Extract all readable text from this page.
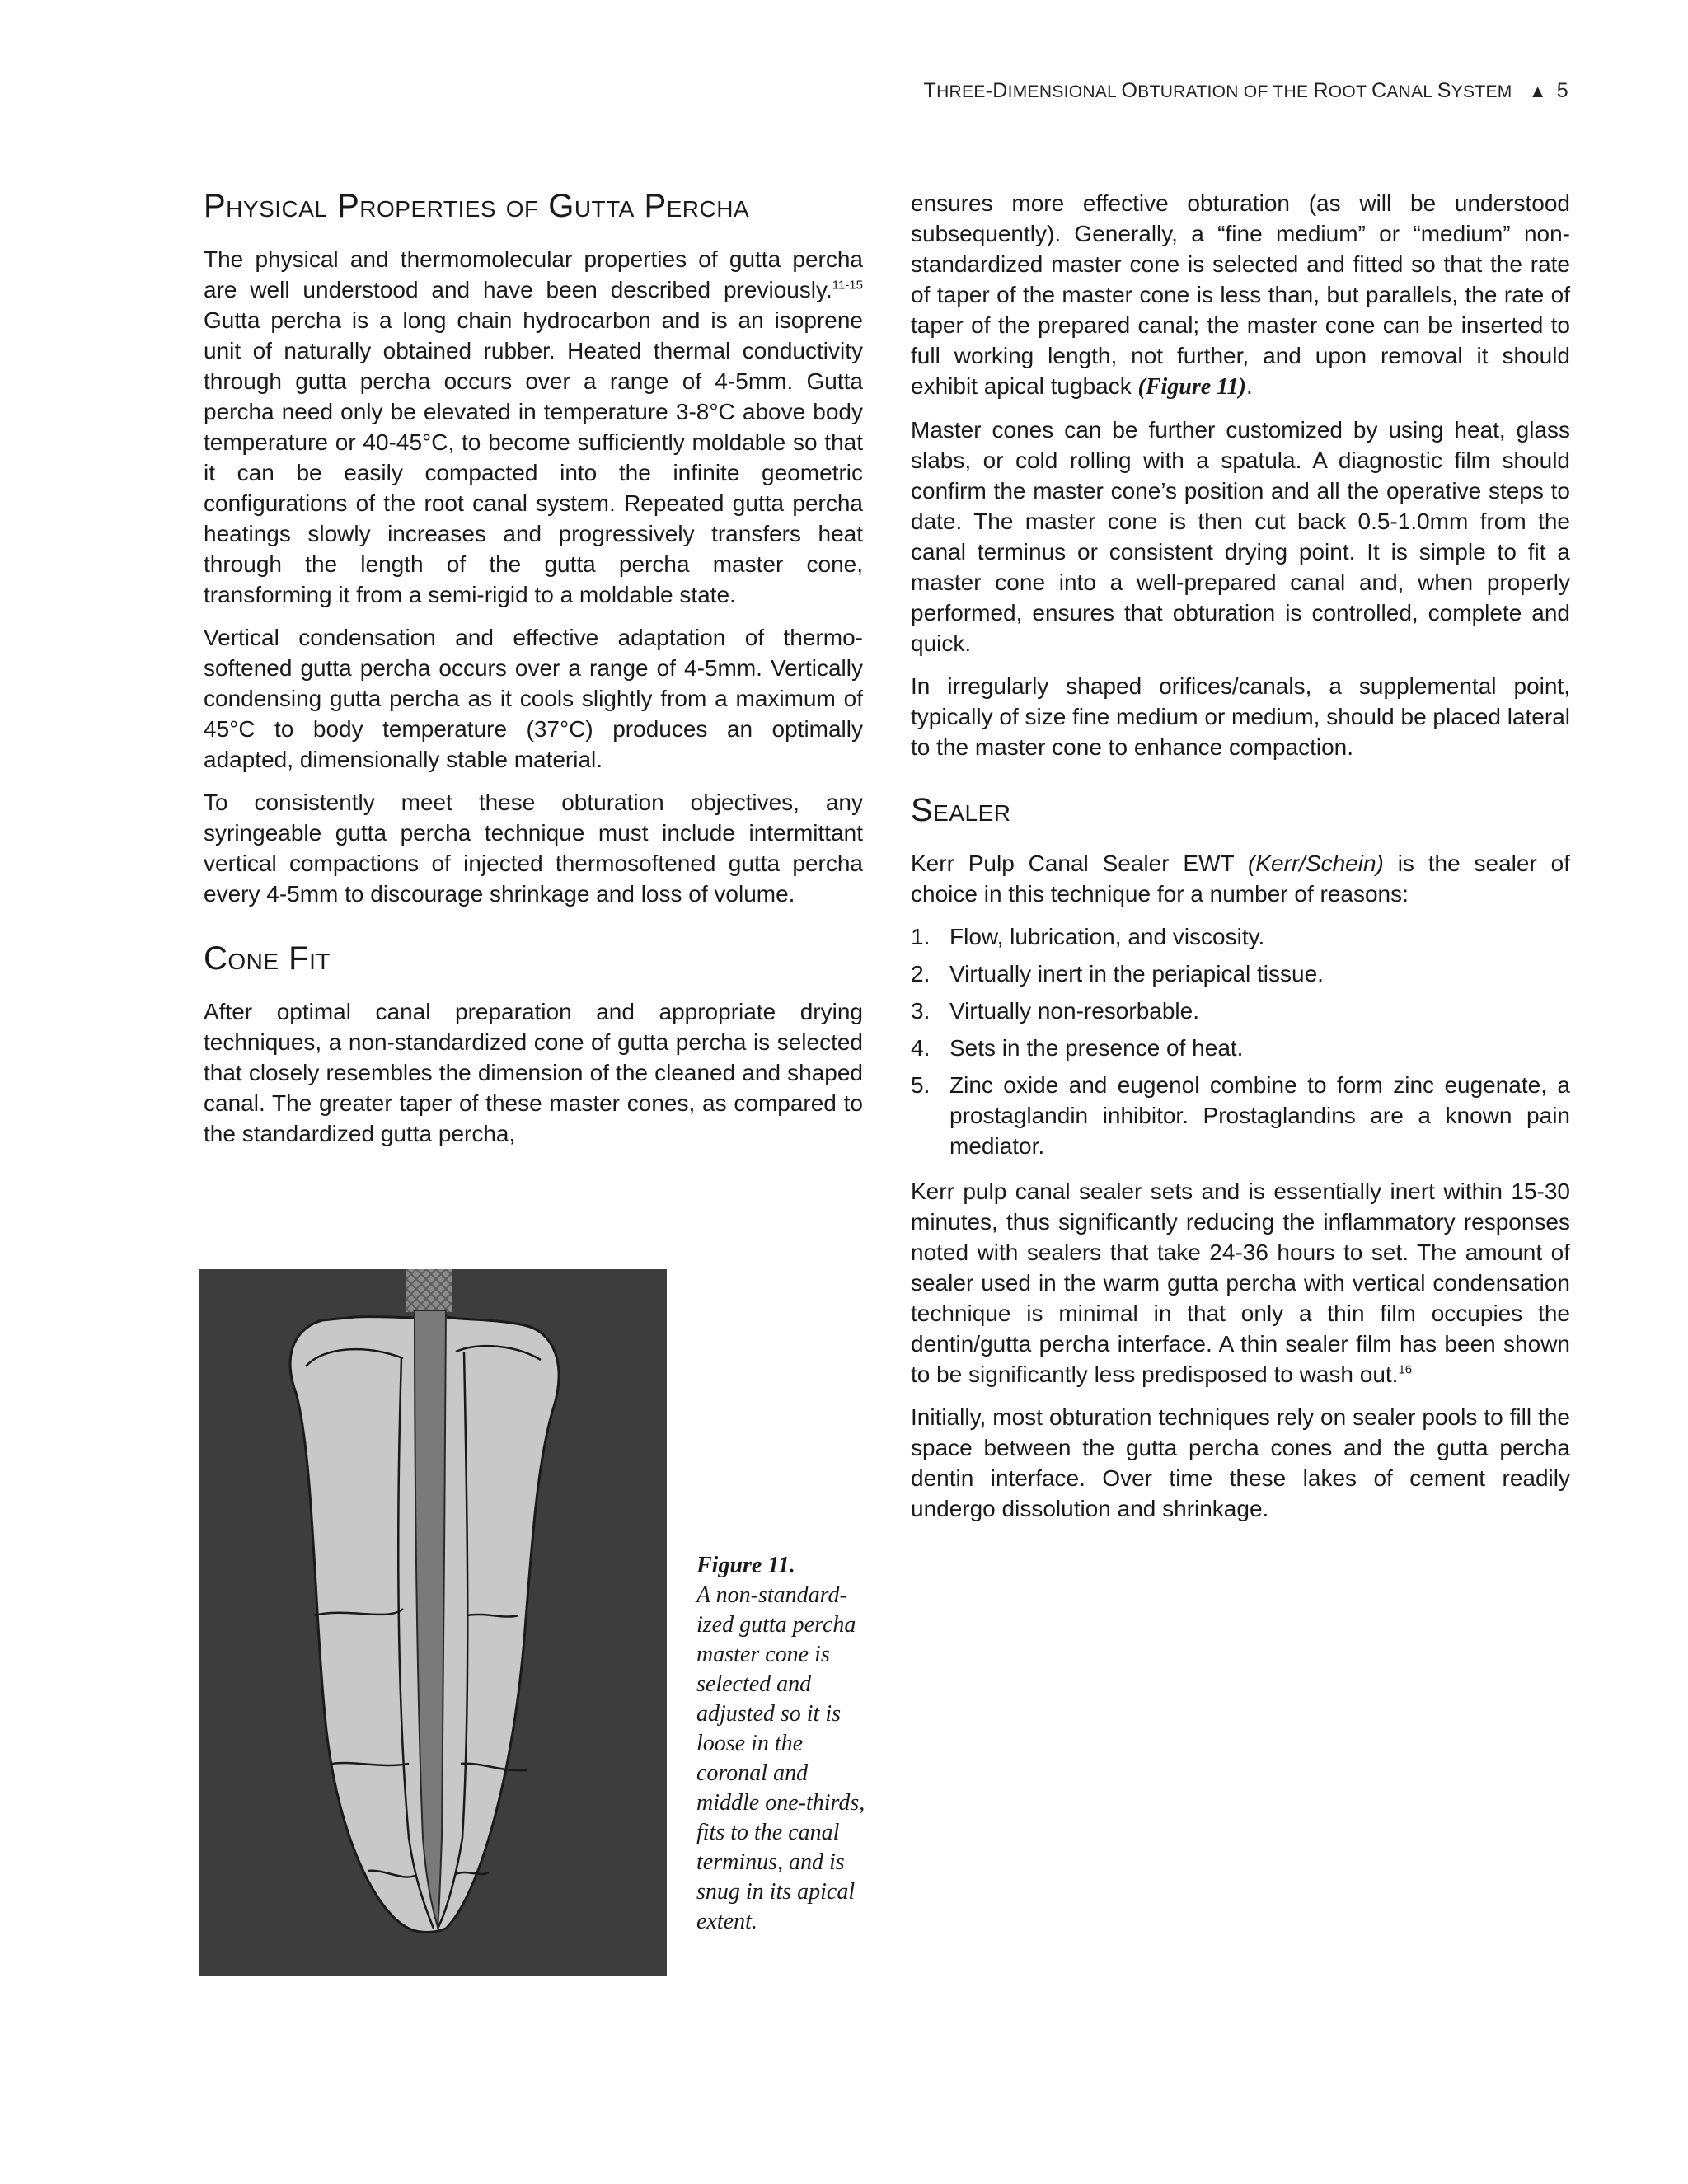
THREE-DIMENSIONAL OBTURATION OF THE ROOT CANAL SYSTEM ▲ 5
Physical Properties of Gutta Percha

The physical and thermomolecular properties of gutta percha are well understood and have been described previously.$^{11-15}$ Gutta percha is a long chain hydrocarbon and is an isoprene unit of naturally obtained rubber. Heated thermal conductivity through gutta percha occurs over a range of 4-5mm. Gutta percha need only be elevated in temperature 3-8°C above body temperature or 40-45°C, to become sufficiently moldable so that it can be easily compacted into the infinite geometric configurations of the root canal system. Repeated gutta percha heatings slowly increases and progressively transfers heat through the length of the gutta percha master cone, transforming it from a semi-rigid to a moldable state.

Vertical condensation and effective adaptation of thermo-softened gutta percha occurs over a range of 4-5mm. Vertically condensing gutta percha as it cools slightly from a maximum of 45°C to body temperature (37°C) produces an optimally adapted, dimensionally stable material.

To consistently meet these obturation objectives, any syringeable gutta percha technique must include intermittant vertical compactions of injected thermosoftened gutta percha every 4-5mm to discourage shrinkage and loss of volume.

Cone Fit

After optimal canal preparation and appropriate drying techniques, a non-standardized cone of gutta percha is selected that closely resembles the dimension of the cleaned and shaped canal. The greater taper of these master cones, as compared to the standardized gutta percha,

ensures more effective obturation (as will be understood subsequently). Generally, a “fine medium” or “medium” non-standardized master cone is selected and fitted so that the rate of taper of the master cone is less than, but parallels, the rate of taper of the prepared canal; the master cone can be inserted to full working length, not further, and upon removal it should exhibit apical tugback (Figure 11).

Master cones can be further customized by using heat, glass slabs, or cold rolling with a spatula. A diagnostic film should confirm the master cone’s position and all the operative steps to date. The master cone is then cut back 0.5-1.0mm from the canal terminus or consistent drying point. It is simple to fit a master cone into a well-prepared canal and, when properly performed, ensures that obturation is controlled, complete and quick.

In irregularly shaped orifices/canals, a supplemental point, typically of size fine medium or medium, should be placed lateral to the master cone to enhance compaction.

Sealer

Kerr Pulp Canal Sealer EWT (Kerr/Schein) is the sealer of choice in this technique for a number of reasons:

1. Flow, lubrication, and viscosity.
2. Virtually inert in the periapical tissue.
3. Virtually non-resorbable.
4. Sets in the presence of heat.
5. Zinc oxide and eugenol combine to form zinc eugenate, a prostaglandin inhibitor. Prostaglandins are a known pain mediator.

Kerr pulp canal sealer sets and is essentially inert within 15-30 minutes, thus significantly reducing the inflammatory responses noted with sealers that take 24-36 hours to set. The amount of sealer used in the warm gutta percha with vertical condensation technique is minimal in that only a thin film occupies the dentin/gutta percha interface. A thin sealer film has been shown to be significantly less predisposed to wash out.$^{16}$

Initially, most obturation techniques rely on sealer pools to fill the space between the gutta percha cones and the gutta percha dentin interface. Over time these lakes of cement readily undergo dissolution and shrinkage.

Figure 11.
A non-standard-ized gutta percha master cone is selected and adjusted so it is loose in the coronal and middle one-thirds, fits to the canal terminus, and is snug in its apical extent.
